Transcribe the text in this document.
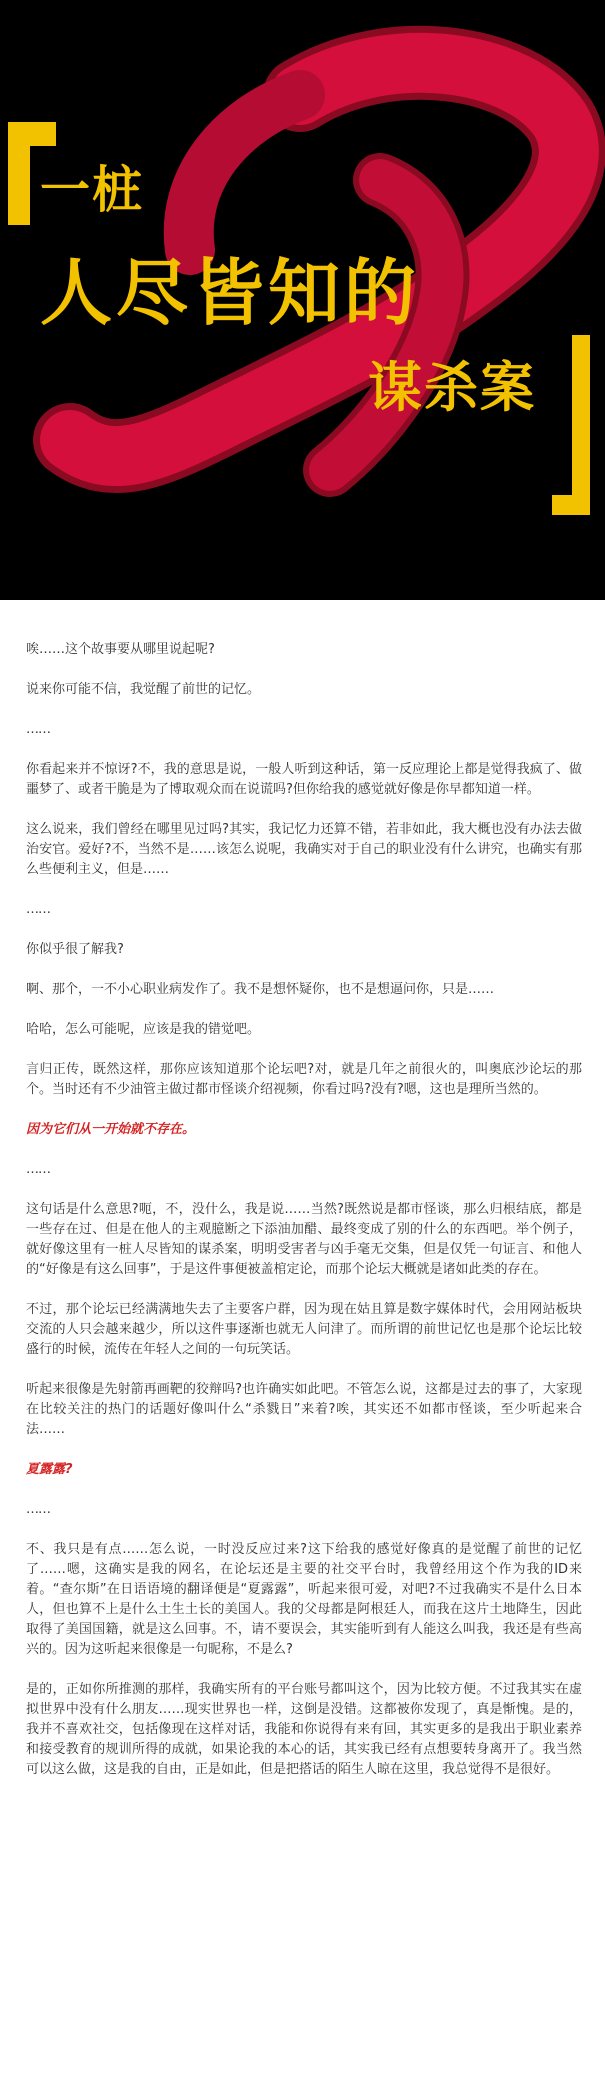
一桩
人尽皆知的
谋杀案

唉……这个故事要从哪里说起呢?

说来你可能不信，我觉醒了前世的记忆。

……

你看起来并不惊讶?不，我的意思是说，一般人听到这种话，第一反应理论上都是觉得我疯了、做噩梦了、或者干脆是为了博取观众而在说谎吗?但你给我的感觉就好像是你早都知道一样。

这么说来，我们曾经在哪里见过吗?其实，我记忆力还算不错，若非如此，我大概也没有办法去做治安官。爱好?不，当然不是……该怎么说呢，我确实对于自己的职业没有什么讲究，也确实有那么些便利主义，但是……

……

你似乎很了解我?

啊、那个，一不小心职业病发作了。我不是想怀疑你，也不是想逼问你，只是……

哈哈，怎么可能呢，应该是我的错觉吧。

言归正传，既然这样，那你应该知道那个论坛吧?对，就是几年之前很火的，叫奥底沙论坛的那个。当时还有不少油管主做过都市怪谈介绍视频，你看过吗?没有?嗯，这也是理所当然的。

因为它们从一开始就不存在。

……

这句话是什么意思?呃，不，没什么，我是说……当然?既然说是都市怪谈，那么归根结底，都是一些存在过、但是在他人的主观臆断之下添油加醋、最终变成了别的什么的东西吧。举个例子，就好像这里有一桩人尽皆知的谋杀案，明明受害者与凶手毫无交集，但是仅凭一句证言、和他人的“好像是有这么回事”，于是这件事便被盖棺定论，而那个论坛大概就是诸如此类的存在。

不过，那个论坛已经满满地失去了主要客户群，因为现在姑且算是数字媒体时代，会用网站板块交流的人只会越来越少，所以这件事逐渐也就无人问津了。而所谓的前世记忆也是那个论坛比较盛行的时候，流传在年轻人之间的一句玩笑话。

听起来很像是先射箭再画靶的狡辩吗?也许确实如此吧。不管怎么说，这都是过去的事了，大家现在比较关注的热门的话题好像叫什么“杀戮日”来着?唉，其实还不如都市怪谈，至少听起来合法……

夏露露?

……

不、我只是有点……怎么说，一时没反应过来?这下给我的感觉好像真的是觉醒了前世的记忆了……嗯，这确实是我的网名，在论坛还是主要的社交平台时，我曾经用这个作为我的ID来着。“查尔斯”在日语语境的翻译便是“夏露露”，听起来很可爱，对吧?不过我确实不是什么日本人，但也算不上是什么土生土长的美国人。我的父母都是阿根廷人，而我在这片土地降生，因此取得了美国国籍，就是这么回事。不，请不要误会，其实能听到有人能这么叫我，我还是有些高兴的。因为这听起来很像是一句昵称，不是么?

是的，正如你所推测的那样，我确实所有的平台账号都叫这个，因为比较方便。不过我其实在虚拟世界中没有什么朋友……现实世界也一样，这倒是没错。这都被你发现了，真是惭愧。是的，我并不喜欢社交，包括像现在这样对话，我能和你说得有来有回，其实更多的是我出于职业素养和接受教育的规训所得的成就，如果论我的本心的话，其实我已经有点想要转身离开了。我当然可以这么做，这是我的自由，正是如此，但是把搭话的陌生人晾在这里，我总觉得不是很好。
